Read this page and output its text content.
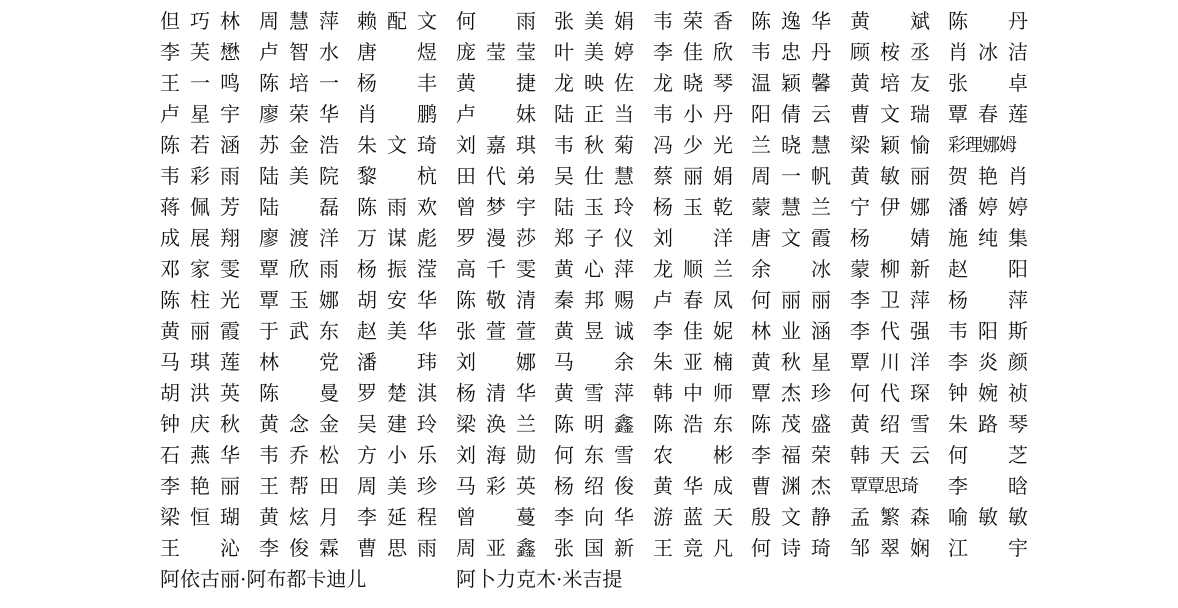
但 巧 林 周 慧 萍 赖 配 文 何
雨 张 美 娟 韦 荣 香 陈 逸 华 黄
斌 陈
丹
李 芙 懋 卢 智 水 唐
煜 庞 莹 莹 叶 美 婷 李 佳 欣 韦 忠 丹 顾 桉 丞 肖 冰 洁
王 一 鸣 陈 培 一 杨
丰 黄
捷 龙 映 佐 龙 晓 琴 温 颖 馨 黄 培 友 张
卓
卢 星 宇 廖 荣 华 肖
鹏 卢
妹 陆 正 当 韦 小 丹 阳 倩 云 曹 文 瑞 覃 春 莲
陈 若 涵 苏 金 浩 朱 文 琦 刘 嘉 琪 韦 秋 菊 冯 少 光 兰 晓 慧 梁 颖 愉 彩理娜姆
韦 彩 雨 陆 美 院 黎
杭 田 代 弟 吴 仕 慧 蔡 丽 娟 周 一 帆 黄 敏 丽 贺 艳 肖
蒋 佩 芳 陆
磊 陈 雨 欢 曾 梦 宇 陆 玉 玲 杨 玉 乾 蒙 慧 兰 宁 伊 娜 潘 婷 婷
成 展 翔 廖 渡 洋 万 谋 彪 罗 漫 莎 郑 子 仪 刘
洋 唐 文 霞 杨
婧 施 纯 集
邓 家 雯 覃 欣 雨 杨 振 滢 高 千 雯 黄 心 萍 龙 顺 兰 余
冰 蒙 柳 新 赵
阳
陈 柱 光 覃 玉 娜 胡 安 华 陈 敬 清 秦 邦 赐 卢 春 凤 何 丽 丽 李 卫 萍 杨
萍
黄 丽 霞 于 武 东 赵 美 华 张 萱 萱 黄 昱 诚 李 佳 妮 林 业 涵 李 代 强 韦 阳 斯
马 琪 莲 林
党 潘
玮 刘
娜 马
余 朱 亚 楠 黄 秋 星 覃 川 洋 李 炎 颜
胡 洪 英 陈
曼 罗 楚 淇 杨 清 华 黄 雪 萍 韩 中 师 覃 杰 珍 何 代 琛 钟 婉 祯
钟 庆 秋 黄 念 金 吴 建 玲 梁 涣 兰 陈 明 鑫 陈 浩 东 陈 茂 盛 黄 绍 雪 朱 路 琴
石 燕 华 韦 乔 松 方 小 乐 刘 海 勋 何 东 雪 农
彬 李 福 荣 韩 天 云 何
芝
李 艳 丽 王 帮 田 周 美 珍 马 彩 英 杨 绍 俊 黄 华 成 曹 渊 杰 覃覃思琦	李
晗
梁 恒 瑚 黄 炫 月 李 延 程 曾
蔓 李 向 华 游 蓝 天 殷 文 静 孟 繁 森 喻 敏 敏
王
沁 李 俊 霖 曹 思 雨 周 亚 鑫 张 国 新 王 竞 凡 何 诗 琦 邹 翠 娴 江
宇
阿依古丽·阿布都卡迪儿	阿卜力克木·米吉提
